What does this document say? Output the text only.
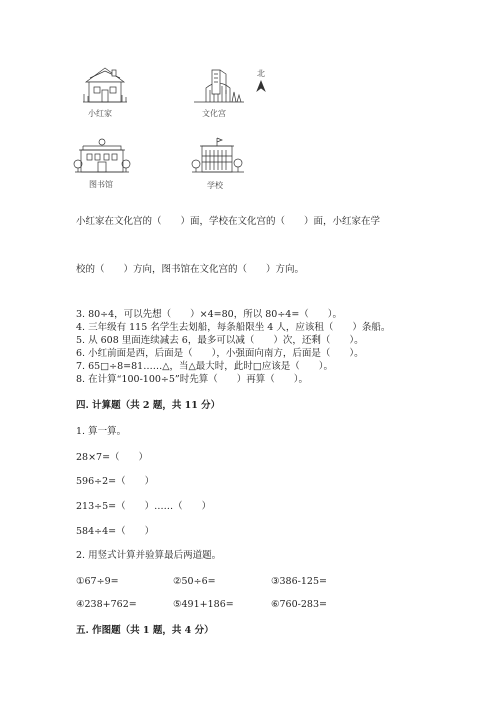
小红家	文化宫
北
图书馆	学校
小红家在文化宫的（　　）面，学校在文化宫的（　　）面，小红家在学
校的（　　）方向，图书馆在文化宫的（　　）方向。
3. 80÷4，可以先想（　　）×4=80，所以 80÷4=（　　）。
4. 三年级有 115 名学生去划船，每条船限坐 4 人，应该租（　　）条船。
5. 从 608 里面连续减去 6，最多可以减（　　）次，还剩（　　）。
6. 小红前面是西，后面是（　　），小强面向南方，后面是（　　）。
7. 65□÷8=81……△，当△最大时，此时□应该是（　　）。
8. 在计算“100-100÷5”时先算（　　）再算（　　）。
四. 计算题（共 2 题，共 11 分）
1. 算一算。
28×7=（　　）
596÷2=（　　）
213÷5=（　　）……（　　）
584÷4=（　　）
2. 用竖式计算并验算最后两道题。
①67÷9=	②50÷6=	③386-125=
④238+762=	⑤491+186=	⑥760-283=
五. 作图题（共 1 题，共 4 分）
